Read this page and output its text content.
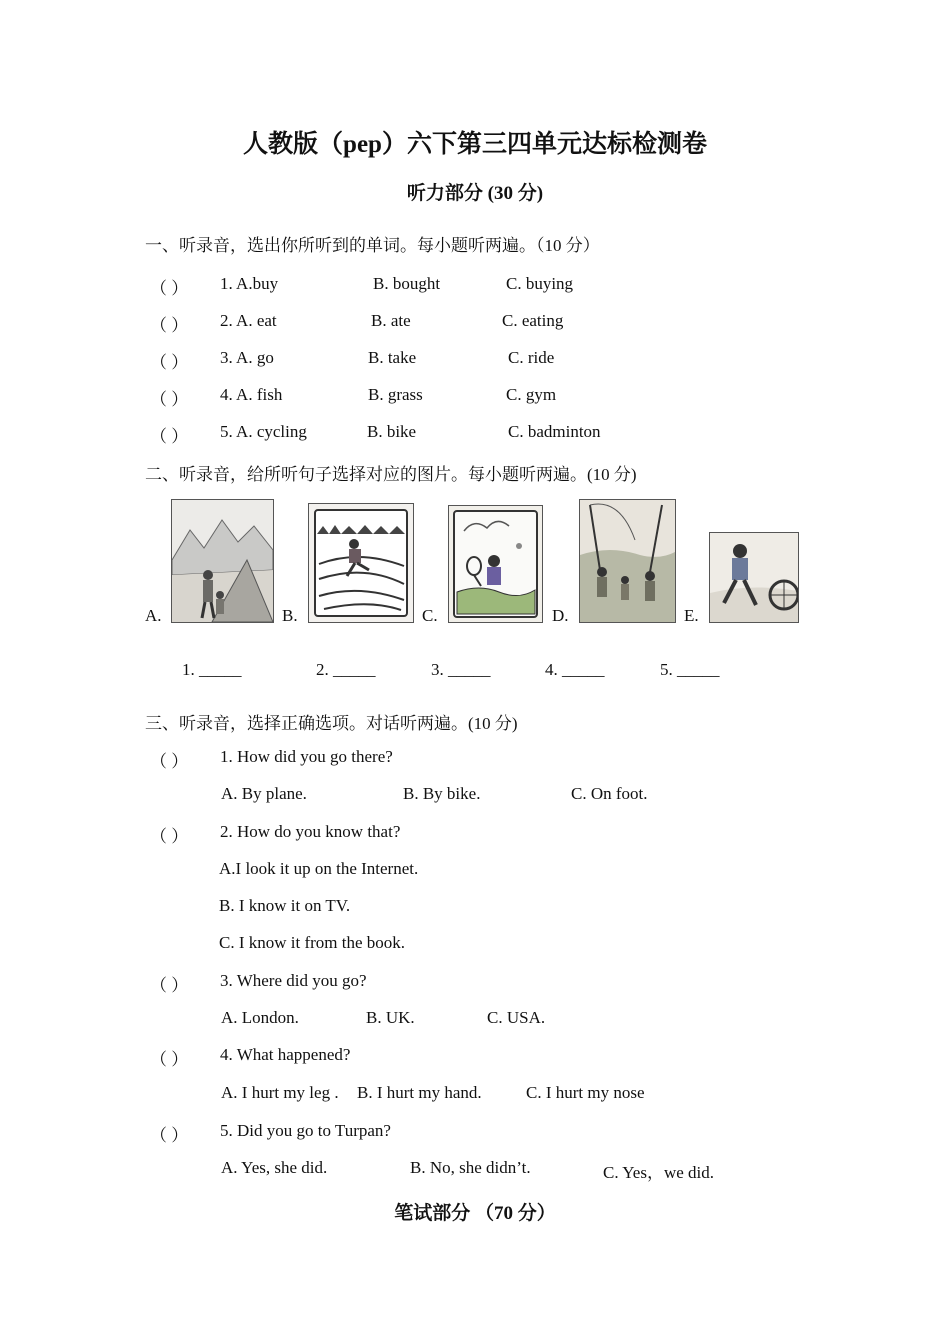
人教版（pep）六下第三四单元达标检测卷
听力部分 (30 分)
一、听录音，选出你所听到的单词。每小题听两遍。（10 分）
（ ） 1. A.buy	B. bought	C. buying
（ ） 2. A. eat	B. ate	C. eating
（ ） 3. A. go	B. take	C. ride
（ ） 4. A. fish	B. grass	C. gym
（ ） 5. A. cycling	B. bike	C. badminton
二、听录音，给所听句子选择对应的图片。每小题听两遍。(10 分)
A.	B.	C.	D.	E.
1. _____	2. _____	3. _____	4. _____	5. _____
三、听录音，选择正确选项。对话听两遍。(10 分)
（ ） 1. How did you go there?
A. By plane.	B. By bike.	C. On foot.
（ ） 2. How do you know that?
A.I look it up on the Internet.
B. I know it on TV.
C. I know it from the book.
（ ） 3. Where did you go?
A. London.	B. UK.	C. USA.
（ ） 4. What happened?
A. I hurt my leg . B. I hurt my hand.	C. I hurt my nose
（ ） 5. Did you go to Turpan?
A. Yes, she did.	B. No, she didn’t.	C. Yes，we did.
笔试部分 （70 分）
